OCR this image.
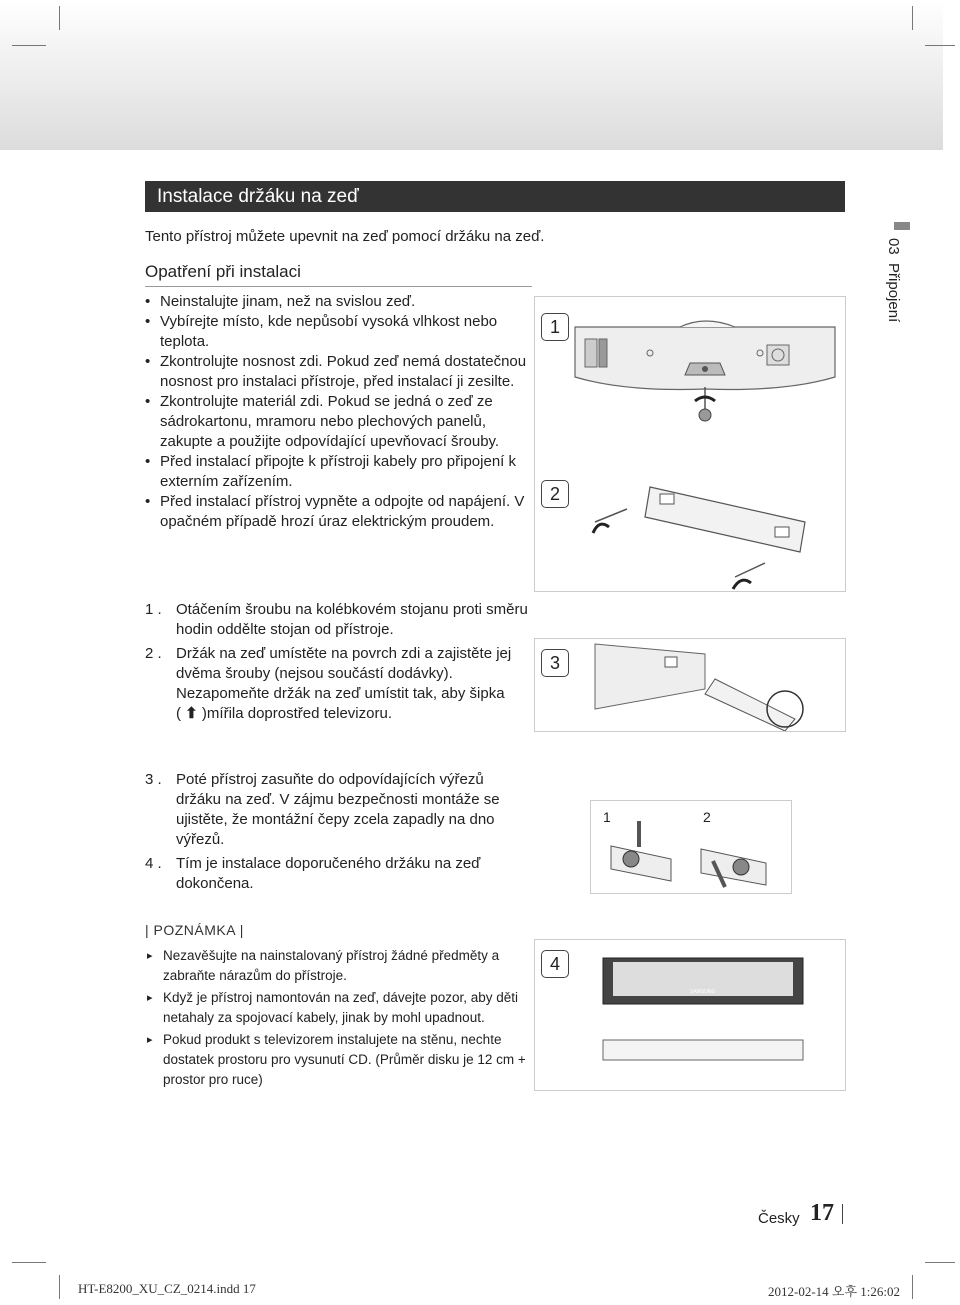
Instalace držáku na zeď
Tento přístroj můžete upevnit na zeď pomocí držáku na zeď.
Opatření při instalaci
• Neinstalujte jinam, než na svislou zeď.
• Vybírejte místo, kde nepůsobí vysoká vlhkost nebo teplota.
• Zkontrolujte nosnost zdi. Pokud zeď nemá dostatečnou nosnost pro instalaci přístroje, před instalací ji zesilte.
• Zkontrolujte materiál zdi. Pokud se jedná o zeď ze sádrokartonu, mramoru nebo plechových panelů, zakupte a použijte odpovídající upevňovací šrouby.
• Před instalací připojte k přístroji kabely pro připojení k externím zařízením.
• Před instalací přístroj vypněte a odpojte od napájení. V opačném případě hrozí úraz elektrickým proudem.
1 . Otáčením šroubu na kolébkovém stojanu proti směru hodin oddělte stojan od přístroje.
2 . Držák na zeď umístěte na povrch zdi a zajistěte jej dvěma šrouby (nejsou součástí dodávky).
Nezapomeňte držák na zeď umístit tak, aby šipka
( ⬆ )mířila doprostřed televizoru.
3 . Poté přístroj zasuňte do odpovídajících výřezů držáku na zeď. V zájmu bezpečnosti montáže se ujistěte, že montážní čepy zcela zapadly na dno výřezů.
4 . Tím je instalace doporučeného držáku na zeď dokončena.
| POZNÁMKA |
▸ Nezavěšujte na nainstalovaný přístroj žádné předměty a zabraňte nárazům do přístroje.
▸ Když je přístroj namontován na zeď, dávejte pozor, aby děti netahaly za spojovací kabely, jinak by mohl upadnout.
▸ Pokud produkt s televizorem instalujete na stěnu, nechte dostatek prostoru pro vysunutí CD. (Průměr disku je 12 cm + prostor pro ruce)
1
2
3
1	2
SAMSUNG
4
03  Připojení
Česky 17
HT-E8200_XU_CZ_0214.indd 17	2012-02-14 오후 1:26:02
